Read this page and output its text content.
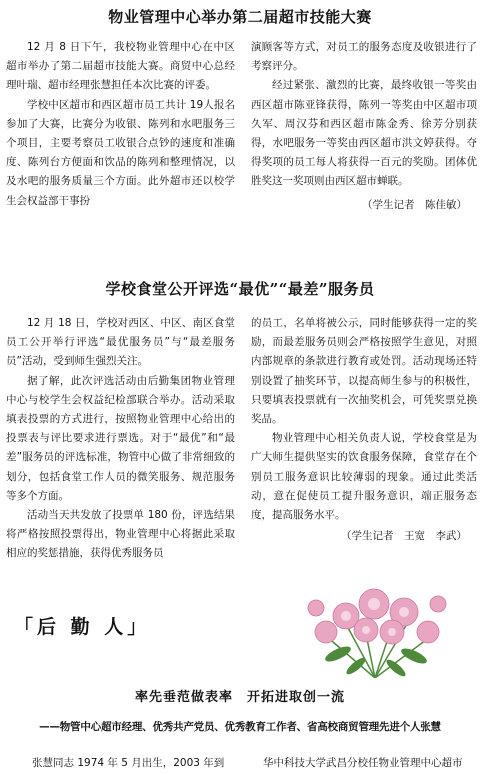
物业管理中心举办第二届超市技能大赛

12 月 8 日下午，我校物业管理中心在中区超市举办了第二届超市技能大赛。商贸中心总经理叶瑞、超市经理张慧担任本次比赛的评委。

学校中区超市和西区超市员工共计 19人报名参加了大赛，比赛分为收银、陈列和水吧服务三个项目，主要考察员工收银合点钞的速度和准确度、陈列台方便面和饮品的陈列和整理情况，以及水吧的服务质量三个方面。此外超市还以校学生会权益部干事扮

演顾客等方式，对员工的服务态度及收银进行了考察评分。

经过紧张、激烈的比赛，最终收银一等奖由西区超市陈亚锋获得，陈列一等奖由中区超市项久军、周汉芬和西区超市陈金秀、徐芳分别获得，水吧服务一等奖由西区超市洪文婷获得。夺得奖项的员工每人将获得一百元的奖励。团体优胜奖这一奖项则由西区超市蝉联。

（学生记者　陈佳敏）

学校食堂公开评选“最优”“最差”服务员

12 月 18 日，学校对西区、中区、南区食堂员工公开举行评选“最优服务员”与“最差服务员”活动，受到师生强烈关注。

据了解，此次评选活动由后勤集团物业管理中心与校学生会权益纪检部联合举办。活动采取填表投票的方式进行，按照物业管理中心给出的投票表与评比要求进行票选。对于“最优”和“最差”服务员的评选标准，物管中心做了非常细致的划分，包括食堂工作人员的微笑服务、规范服务等多个方面。

活动当天共发放了投票单 180 份，评选结果将严格按照投票得出，物业管理中心将据此采取相应的奖惩措施，获得优秀服务员

的员工，名单将被公示，同时能够获得一定的奖励，而最差服务员则会严格按照学生意见，对照内部规章的条款进行教育或处罚。活动现场还特别设置了抽奖环节，以提高师生参与的积极性，只要填表投票就有一次抽奖机会，可凭奖票兑换奖品。

物业管理中心相关负责人说，学校食堂是为广大师生提供坚实的饮食服务保障，食堂存在个别员工服务意识比较薄弱的现象。通过此类活动，意在促使员工提升服务意识，端正服务态度，提高服务水平。

（学生记者　王宽　李武）

「后 勤 人」
率先垂范做表率　开拓进取创一流
——物管中心超市经理、优秀共产党员、优秀教育工作者、省高校商贸管理先进个人张慧
张慧同志 1974 年 5 月出生，2003 年到	华中科技大学武昌分校任物业管理中心超市
